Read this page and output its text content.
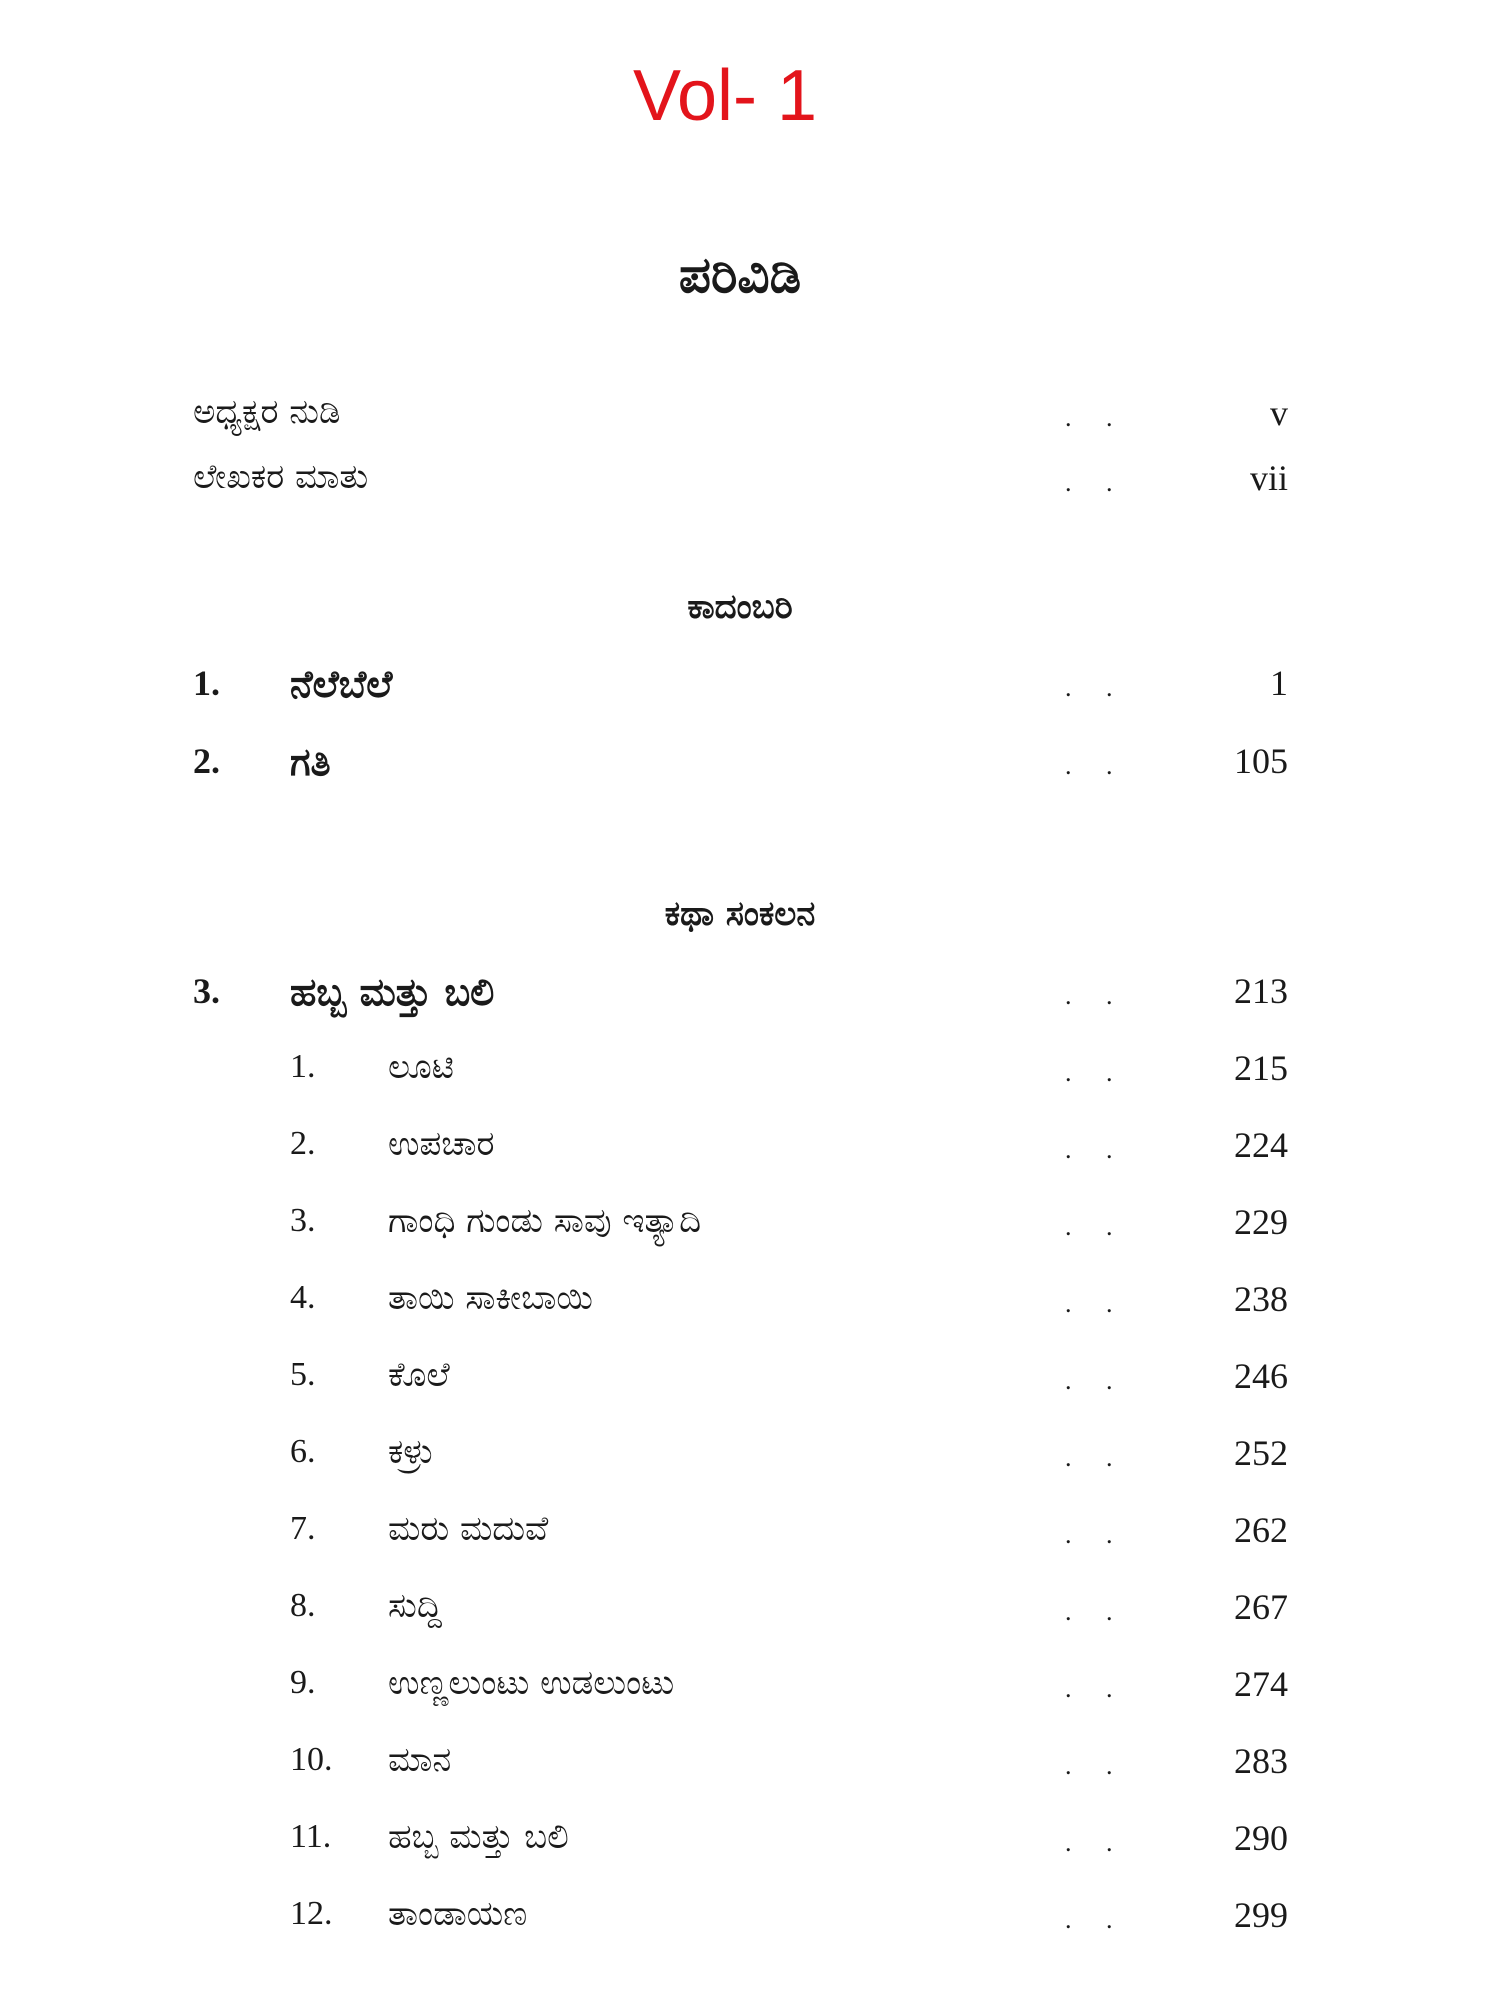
Vol- 1
ಪರಿವಿಡಿ
ಅಧ್ಯಕ್ಷರ ನುಡಿ	. .	v
ಲೇಖಕರ ಮಾತು	. .	vii
ಕಾದಂಬರಿ
1. ನೆಲೆಬೆಲೆ	. .	1
2. ಗತಿ	. .	105
ಕಥಾ ಸಂಕಲನ
3. ಹಬ್ಬ ಮತ್ತು ಬಲಿ	. .	213
1. ಲೂಟಿ	. .	215
2. ಉಪಚಾರ	. .	224
3. ಗಾಂಧಿ ಗುಂಡು ಸಾವು ಇತ್ಯಾದಿ	. .	229
4. ತಾಯಿ ಸಾಕೀಬಾಯಿ	. .	238
5. ಕೊಲೆ	. .	246
6. ಕಳ್ರು	. .	252
7. ಮರು ಮದುವೆ	. .	262
8. ಸುದ್ದಿ	. .	267
9. ಉಣ್ಣಲುಂಟು ಉಡಲುಂಟು	. .	274
10. ಮಾನ	. .	283
11. ಹಬ್ಬ ಮತ್ತು ಬಲಿ	. .	290
12. ತಾಂಡಾಯಣ	. .	299
